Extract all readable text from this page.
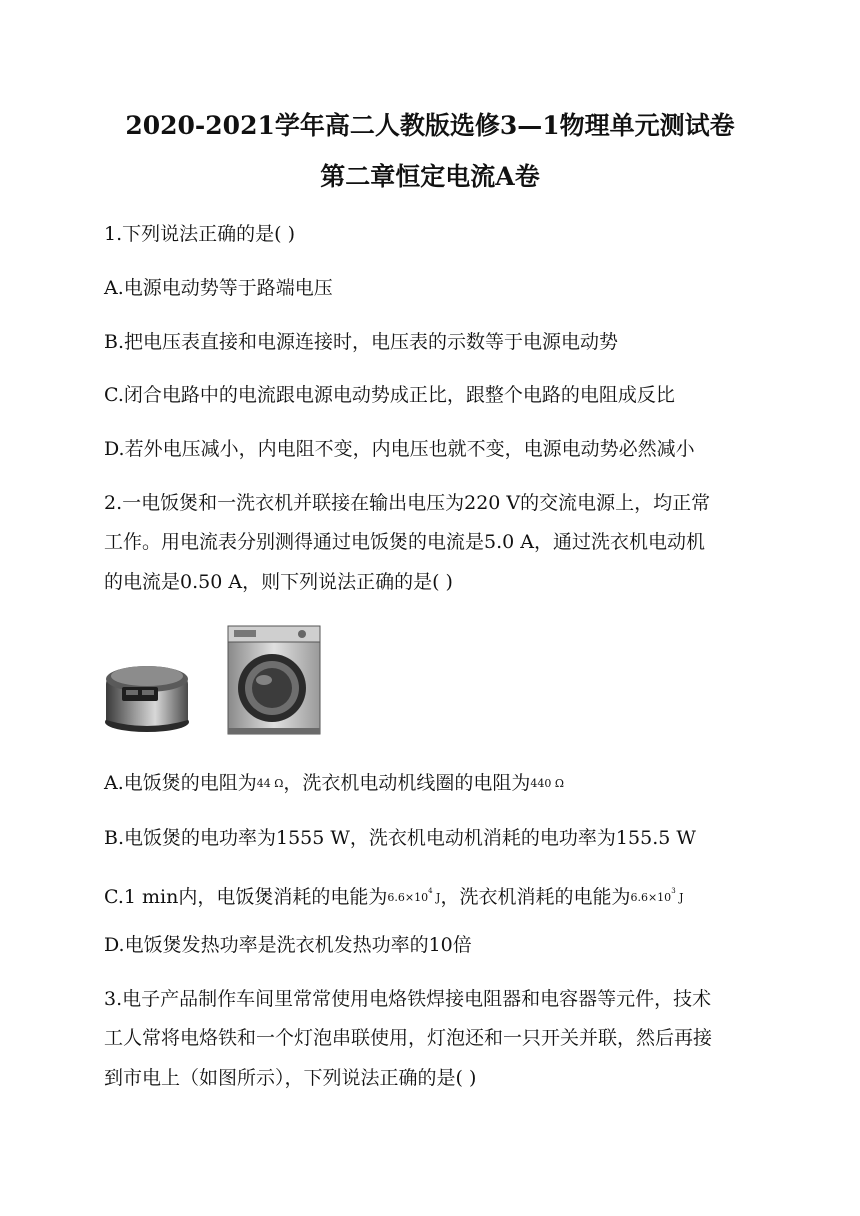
2020-2021学年高二人教版选修3—1物理单元测试卷
第二章恒定电流A卷
1.下列说法正确的是( )
A.电源电动势等于路端电压
B.把电压表直接和电源连接时，电压表的示数等于电源电动势
C.闭合电路中的电流跟电源电动势成正比，跟整个电路的电阻成反比
D.若外电压减小，内电阻不变，内电压也就不变，电源电动势必然减小
2.一电饭煲和一洗衣机并联接在输出电压为220 V的交流电源上，均正常
工作。用电流表分别测得通过电饭煲的电流是5.0 A，通过洗衣机电动机
的电流是0.50 A，则下列说法正确的是( )
A.电饭煲的电阻为44 Ω，洗衣机电动机线圈的电阻为440 Ω
B.电饭煲的电功率为1555 W，洗衣机电动机消耗的电功率为155.5 W
C.1 min内，电饭煲消耗的电能为$6.6\times 10^4$ J，洗衣机消耗的电能为$6.6\times 10^3$ J
D.电饭煲发热功率是洗衣机发热功率的10倍
3.电子产品制作车间里常常使用电烙铁焊接电阻器和电容器等元件，技术
工人常将电烙铁和一个灯泡串联使用，灯泡还和一只开关并联，然后再接
到市电上（如图所示），下列说法正确的是( )
